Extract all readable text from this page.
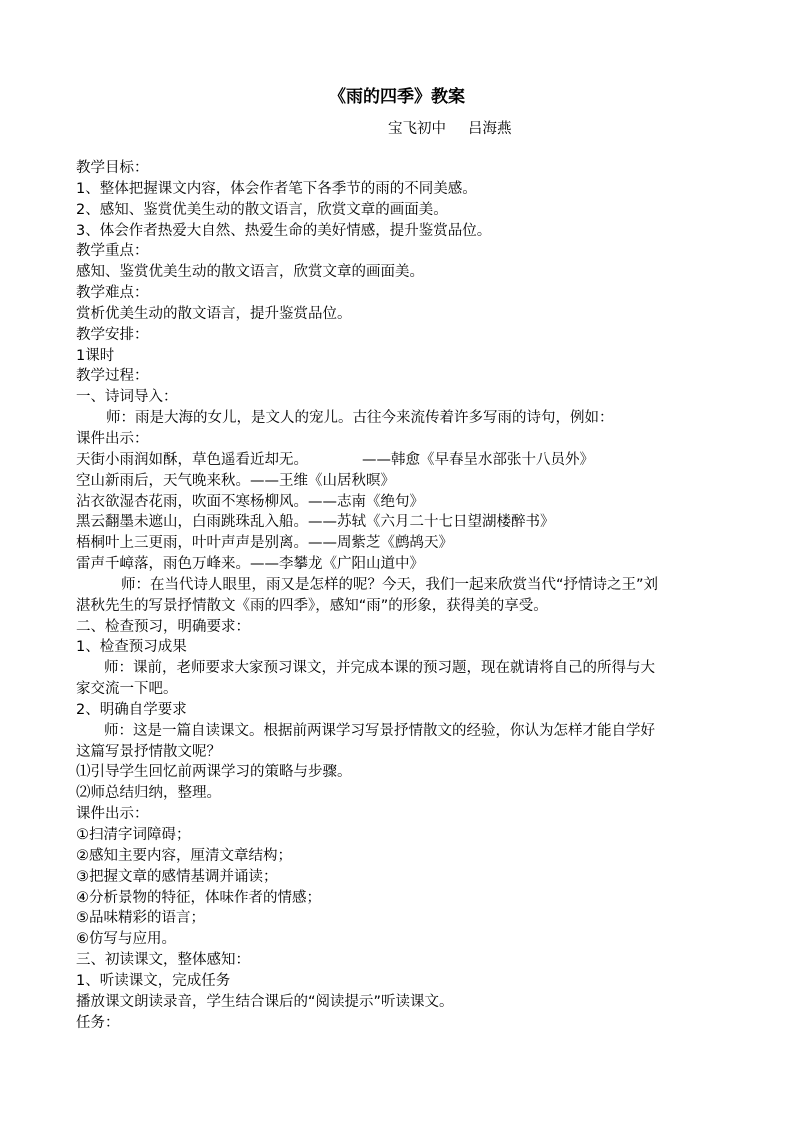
《雨的四季》教案
宝飞初中 吕海燕
教学目标：
1、整体把握课文内容，体会作者笔下各季节的雨的不同美感。
2、感知、鉴赏优美生动的散文语言，欣赏文章的画面美。
3、体会作者热爱大自然、热爱生命的美好情感，提升鉴赏品位。
教学重点：
感知、鉴赏优美生动的散文语言，欣赏文章的画面美。
教学难点：
赏析优美生动的散文语言，提升鉴赏品位。
教学安排：
1课时
教学过程：
一、诗词导入：
师：雨是大海的女儿，是文人的宠儿。古往今来流传着许多写雨的诗句，例如：
课件出示：
天街小雨润如酥，草色遥看近却无。	——韩愈《早春呈水部张十八员外》
空山新雨后，天气晚来秋。——王维《山居秋暝》
沾衣欲湿杏花雨，吹面不寒杨柳风。——志南《绝句》
黑云翻墨未遮山，白雨跳珠乱入船。——苏轼《六月二十七日望湖楼醉书》
梧桐叶上三更雨，叶叶声声是别离。——周紫芝《鹧鸪天》
雷声千嶂落，雨色万峰来。——李攀龙《广阳山道中》
师：在当代诗人眼里，雨又是怎样的呢？今天，我们一起来欣赏当代“抒情诗之王”刘
湛秋先生的写景抒情散文《雨的四季》，感知“雨”的形象，获得美的享受。
二、检查预习，明确要求：
1、检查预习成果
师：课前，老师要求大家预习课文，并完成本课的预习题，现在就请将自己的所得与大
家交流一下吧。
2、明确自学要求
师：这是一篇自读课文。根据前两课学习写景抒情散文的经验，你认为怎样才能自学好
这篇写景抒情散文呢？
⑴引导学生回忆前两课学习的策略与步骤。
⑵师总结归纳，整理。
课件出示：
①扫清字词障碍；
②感知主要内容，厘清文章结构；
③把握文章的感情基调并诵读；
④分析景物的特征，体味作者的情感；
⑤品味精彩的语言；
⑥仿写与应用。
三、初读课文，整体感知：
1、听读课文，完成任务
播放课文朗读录音，学生结合课后的“阅读提示”听读课文。
任务：
